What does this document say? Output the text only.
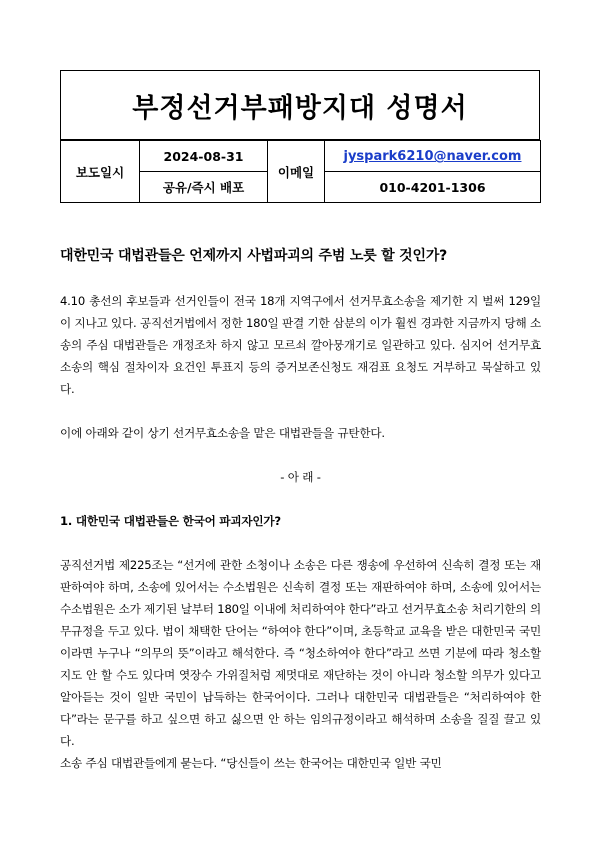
부정선거부패방지대 성명서
보도일시	2024-08-31	이메일	jyspark6210@naver.com
	공유/즉시 배포		010-4201-1306
대한민국 대법관들은 언제까지 사법파괴의 주범 노릇 할 것인가?

4.10 총선의 후보들과 선거인들이 전국 18개 지역구에서 선거무효소송을 제기한 지 벌써 129일이 지나고 있다. 공직선거법에서 정한 180일 판결 기한 삼분의 이가 훨씬 경과한 지금까지 당해 소송의 주심 대법관들은 개정조차 하지 않고 모르쇠 깔아뭉개기로 일관하고 있다. 심지어 선거무효소송의 핵심 절차이자 요건인 투표지 등의 증거보존신청도 재검표 요청도 거부하고 묵살하고 있다.

이에 아래와 같이 상기 선거무효소송을 맡은 대법관들을 규탄한다.

- 아 래 -

1. 대한민국 대법관들은 한국어 파괴자인가?

공직선거법 제225조는 “선거에 관한 소청이나 소송은 다른 쟁송에 우선하여 신속히 결정 또는 재판하여야 하며, 소송에 있어서는 수소법원은 신속히 결정 또는 재판하여야 하며, 소송에 있어서는 수소법원은 소가 제기된 날부터 180일 이내에 처리하여야 한다”라고 선거무효소송 처리기한의 의무규정을 두고 있다. 법이 채택한 단어는 “하여야 한다”이며, 초등학교 교육을 받은 대한민국 국민이라면 누구나 “의무의 뜻”이라고 해석한다. 즉 “청소하여야 한다”라고 쓰면 기분에 따라 청소할지도 안 할 수도 있다며 엿장수 가위질처럼 제멋대로 재단하는 것이 아니라 청소할 의무가 있다고 알아듣는 것이 일반 국민이 납득하는 한국어이다. 그러나 대한민국 대법관들은 “처리하여야 한다”라는 문구를 하고 싶으면 하고 싫으면 안 하는 임의규정이라고 해석하며 소송을 질질 끌고 있다.

소송 주심 대법관들에게 묻는다. “당신들이 쓰는 한국어는 대한민국 일반 국민
